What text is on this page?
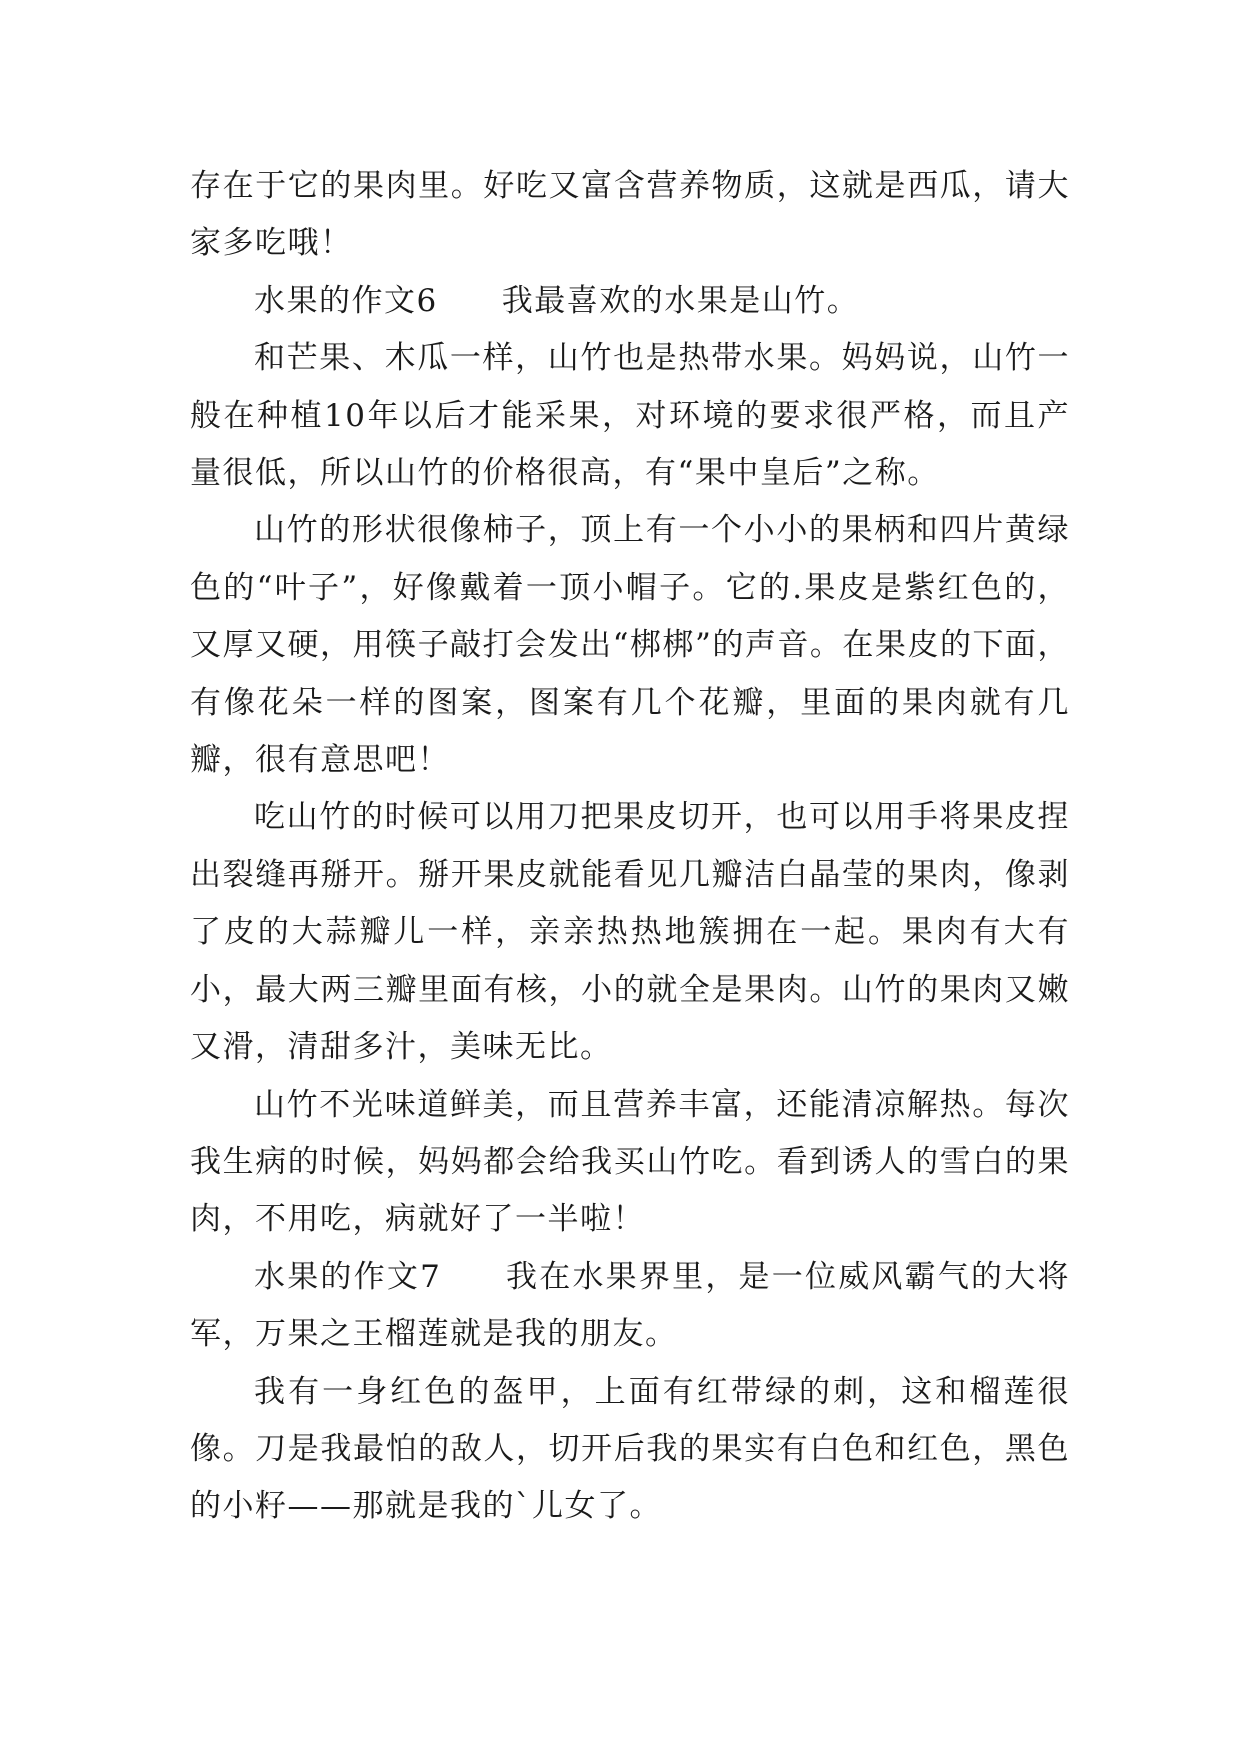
存在于它的果肉里。好吃又富含营养物质，这就是西瓜，请大家多吃哦！

水果的作文6 我最喜欢的水果是山竹。

和芒果、木瓜一样，山竹也是热带水果。妈妈说，山竹一般在种植10年以后才能采果，对环境的要求很严格，而且产量很低，所以山竹的价格很高，有“果中皇后”之称。

山竹的形状很像柿子，顶上有一个小小的果柄和四片黄绿色的“叶子”，好像戴着一顶小帽子。它的.果皮是紫红色的，又厚又硬，用筷子敲打会发出“梆梆”的声音。在果皮的下面，有像花朵一样的图案，图案有几个花瓣，里面的果肉就有几瓣，很有意思吧！

吃山竹的时候可以用刀把果皮切开，也可以用手将果皮捏出裂缝再掰开。掰开果皮就能看见几瓣洁白晶莹的果肉，像剥了皮的大蒜瓣儿一样，亲亲热热地簇拥在一起。果肉有大有小，最大两三瓣里面有核，小的就全是果肉。山竹的果肉又嫩又滑，清甜多汁，美味无比。

山竹不光味道鲜美，而且营养丰富，还能清凉解热。每次我生病的时候，妈妈都会给我买山竹吃。看到诱人的雪白的果肉，不用吃，病就好了一半啦！

水果的作文7 我在水果界里，是一位威风霸气的大将军，万果之王榴莲就是我的朋友。

我有一身红色的盔甲，上面有红带绿的刺，这和榴莲很像。刀是我最怕的敌人，切开后我的果实有白色和红色，黑色的小籽——那就是我的`儿女了。
